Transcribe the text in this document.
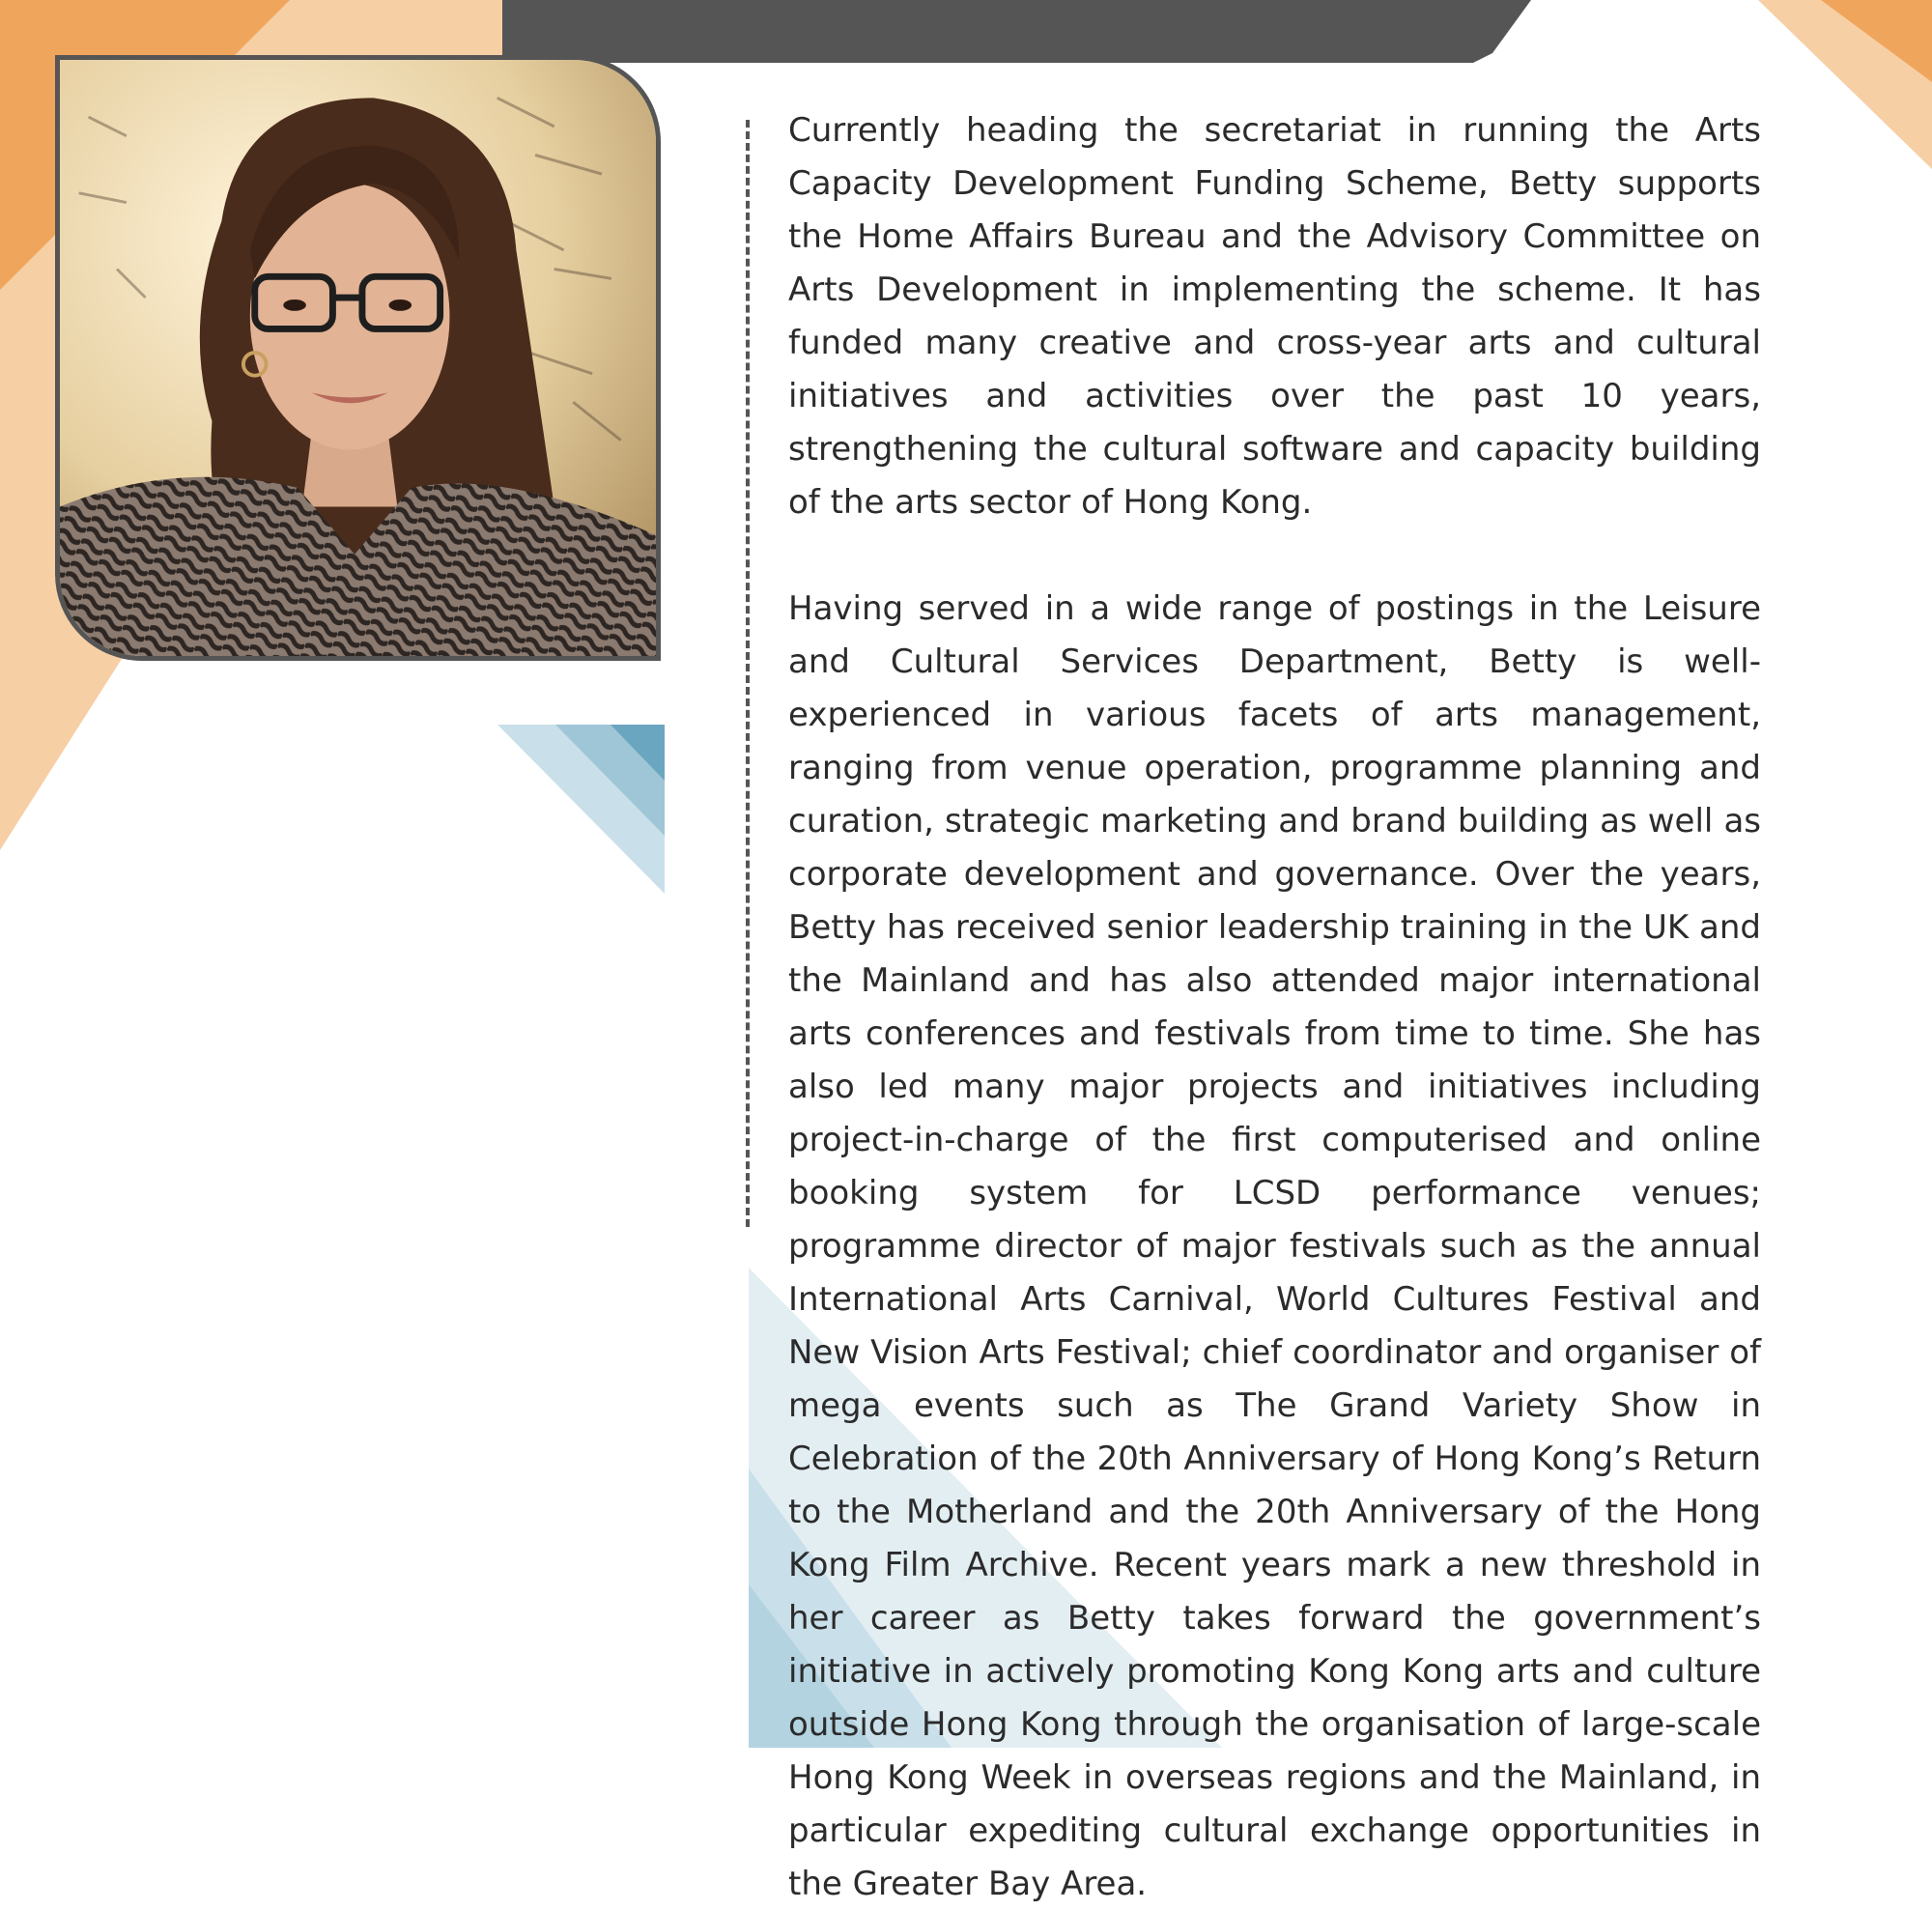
Currently heading the secretariat in running the Arts Capacity Development Funding Scheme, Betty supports the Home Affairs Bureau and the Advisory Committee on Arts Development in implementing the scheme. It has funded many creative and cross-year arts and cultural initiatives and activities over the past 10 years, strengthening the cultural software and capacity building of the arts sector of Hong Kong.

Having served in a wide range of postings in the Leisure and Cultural Services Department, Betty is well-experienced in various facets of arts management, ranging from venue operation, programme planning and curation, strategic marketing and brand building as well as corporate development and governance. Over the years, Betty has received senior leadership training in the UK and the Mainland and has also attended major international arts conferences and festivals from time to time. She has also led many major projects and initiatives including project-in-charge of the first computerised and online booking system for LCSD performance venues; programme director of major festivals such as the annual International Arts Carnival, World Cultures Festival and New Vision Arts Festival; chief coordinator and organiser of mega events such as The Grand Variety Show in Celebration of the 20th Anniversary of Hong Kong’s Return to the Motherland and the 20th Anniversary of the Hong Kong Film Archive. Recent years mark a new threshold in her career as Betty takes forward the government’s initiative in actively promoting Kong Kong arts and culture outside Hong Kong through the organisation of large-scale Hong Kong Week in overseas regions and the Mainland, in particular expediting cultural exchange opportunities in the Greater Bay Area.
